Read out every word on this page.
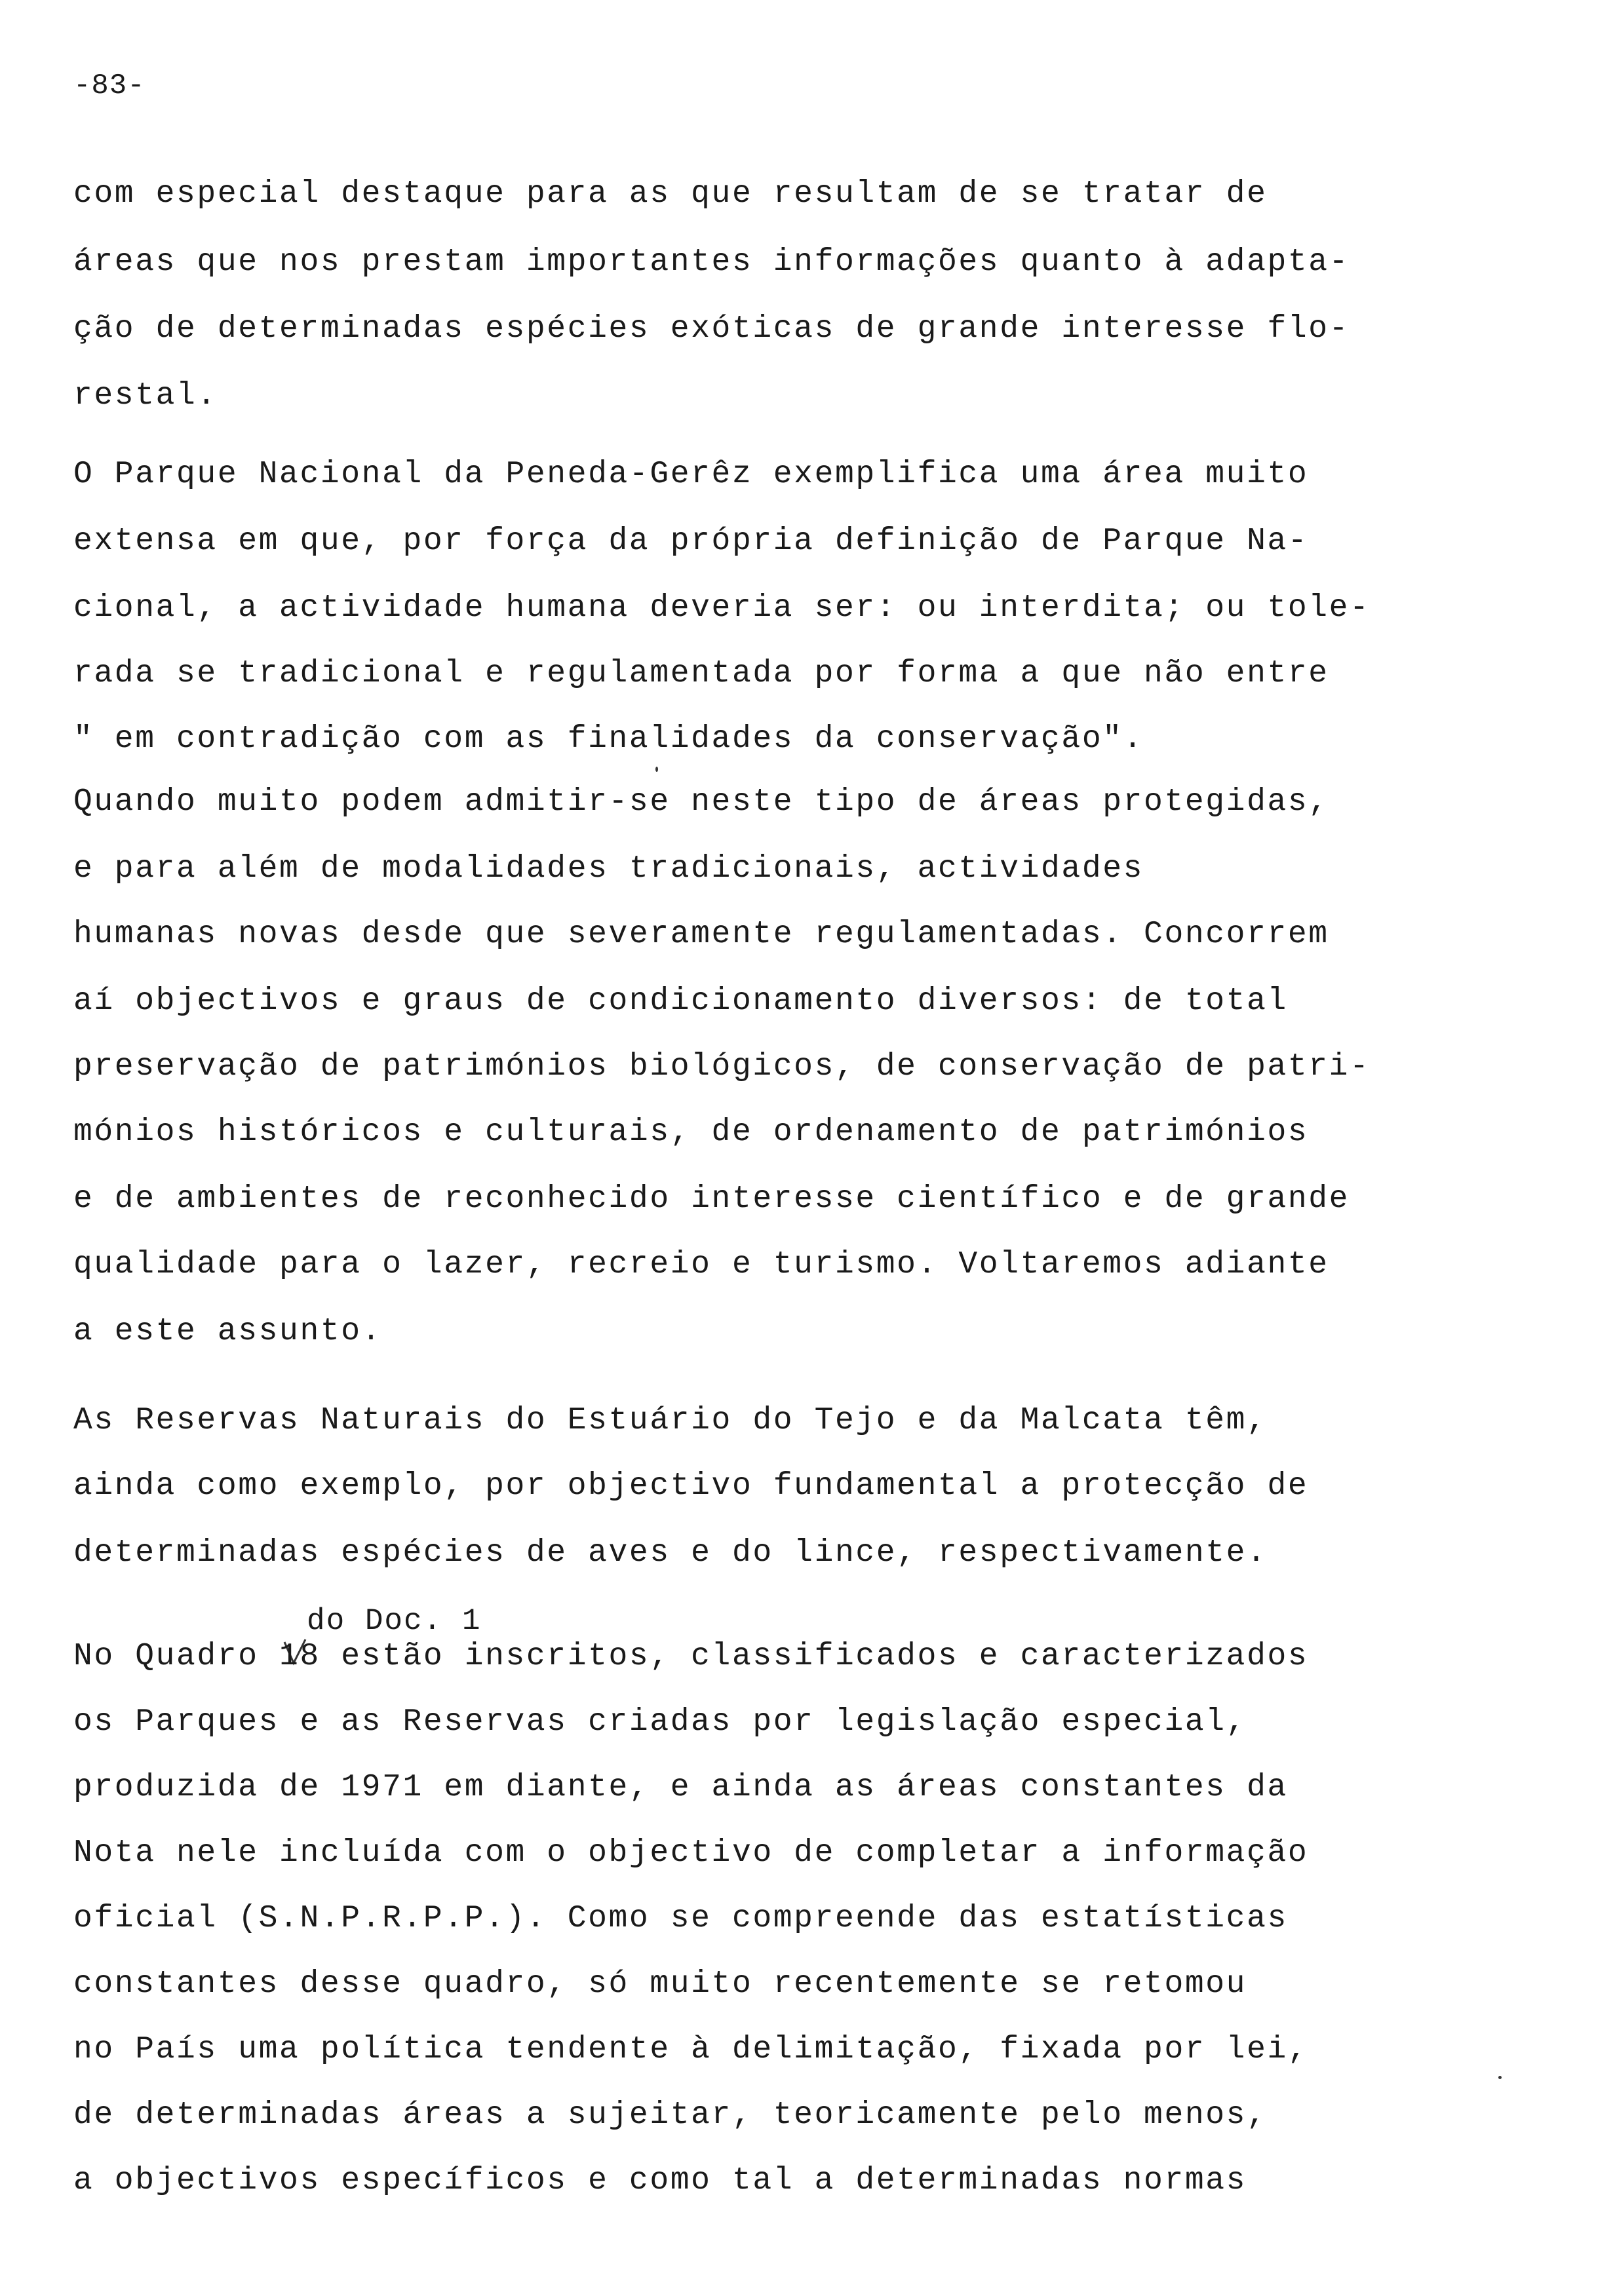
-83-
com especial destaque para as que resultam de se tratar de
áreas que nos prestam importantes informações quanto à adapta-
ção de determinadas espécies exóticas de grande interesse flo-
restal.
O Parque Nacional da Peneda-Gerêz exemplifica uma área muito
extensa em que, por força da própria definição de Parque Na-
cional, a actividade humana deveria ser: ou interdita; ou tole-
rada se tradicional e regulamentada por forma a que não entre
" em contradição com as finalidades da conservação".
Quando muito podem admitir-se neste tipo de áreas protegidas,
e para além de modalidades tradicionais, actividades
humanas novas desde que severamente regulamentadas. Concorrem
aí objectivos e graus de condicionamento diversos: de total
preservação de patrimónios biológicos, de conservação de patri-
mónios históricos e culturais, de ordenamento de patrimónios
e de ambientes de reconhecido interesse científico e de grande
qualidade para o lazer, recreio e turismo. Voltaremos adiante
a este assunto.
As Reservas Naturais do Estuário do Tejo e da Malcata têm,
ainda como exemplo, por objectivo fundamental a protecção de
determinadas espécies de aves e do lince, respectivamente.
do Doc. 1
No Quadro 18 estão inscritos, classificados e caracterizados
os Parques e as Reservas criadas por legislação especial,
produzida de 1971 em diante, e ainda as áreas constantes da
Nota nele incluída com o objectivo de completar a informação
oficial (S.N.P.R.P.P.). Como se compreende das estatísticas
constantes desse quadro, só muito recentemente se retomou
no País uma política tendente à delimitação, fixada por lei,
de determinadas áreas a sujeitar, teoricamente pelo menos,
a objectivos específicos e como tal a determinadas normas
